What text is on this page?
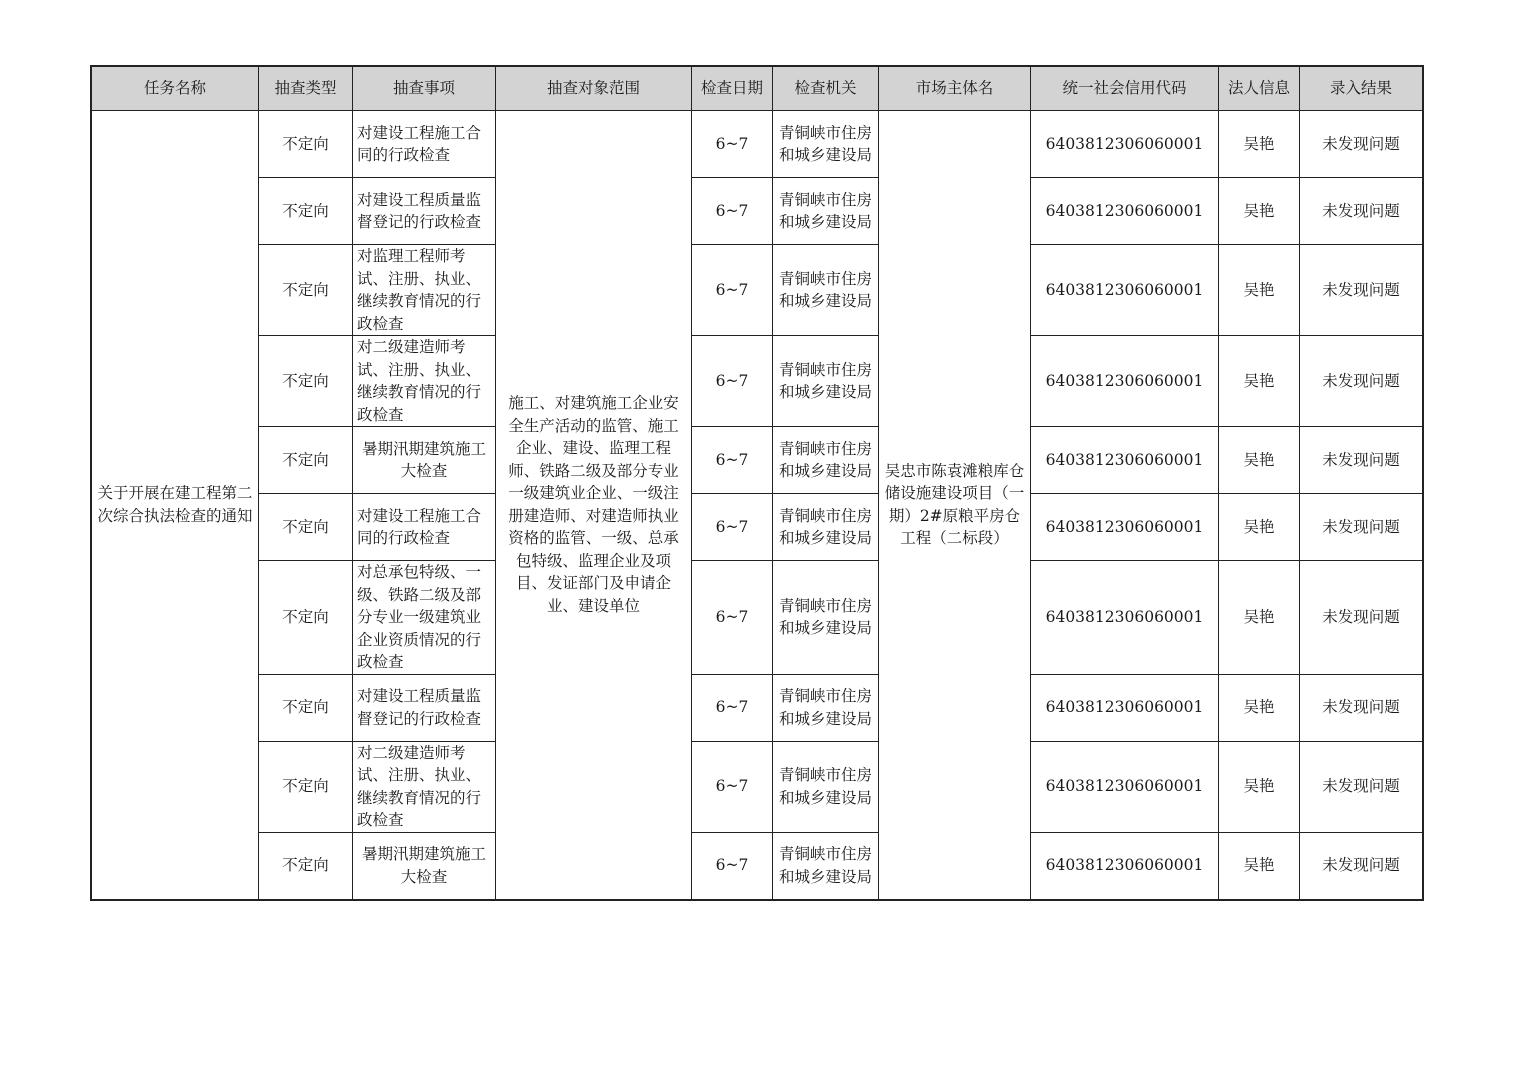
任务名称	抽查类型	抽查事项	抽查对象范围	检查日期	检查机关	市场主体名	统一社会信用代码	法人信息	录入结果
关于开展在建工程第二次综合执法检查的通知	不定向	对建设工程施工合同的行政检查	施工、对建筑施工企业安全生产活动的监管、施工企业、建设、监理工程师、铁路二级及部分专业一级建筑业企业、一级注册建造师、对建造师执业资格的监管、一级、总承包特级、监理企业及项目、发证部门及申请企业、建设单位	6~7	青铜峡市住房和城乡建设局	吴忠市陈袁滩粮库仓储设施建设项目（一期）2#原粮平房仓工程（二标段）	6403812306060001	吴艳	未发现问题
	不定向	对建设工程质量监督登记的行政检查		6~7	青铜峡市住房和城乡建设局		6403812306060001	吴艳	未发现问题
	不定向	对监理工程师考试、注册、执业、继续教育情况的行政检查		6~7	青铜峡市住房和城乡建设局		6403812306060001	吴艳	未发现问题
	不定向	对二级建造师考试、注册、执业、继续教育情况的行政检查		6~7	青铜峡市住房和城乡建设局		6403812306060001	吴艳	未发现问题
	不定向	暑期汛期建筑施工大检查		6~7	青铜峡市住房和城乡建设局		6403812306060001	吴艳	未发现问题
	不定向	对建设工程施工合同的行政检查		6~7	青铜峡市住房和城乡建设局		6403812306060001	吴艳	未发现问题
	不定向	对总承包特级、一级、铁路二级及部分专业一级建筑业企业资质情况的行政检查		6~7	青铜峡市住房和城乡建设局		6403812306060001	吴艳	未发现问题
	不定向	对建设工程质量监督登记的行政检查		6~7	青铜峡市住房和城乡建设局		6403812306060001	吴艳	未发现问题
	不定向	对二级建造师考试、注册、执业、继续教育情况的行政检查		6~7	青铜峡市住房和城乡建设局		6403812306060001	吴艳	未发现问题
	不定向	暑期汛期建筑施工大检查		6~7	青铜峡市住房和城乡建设局		6403812306060001	吴艳	未发现问题
